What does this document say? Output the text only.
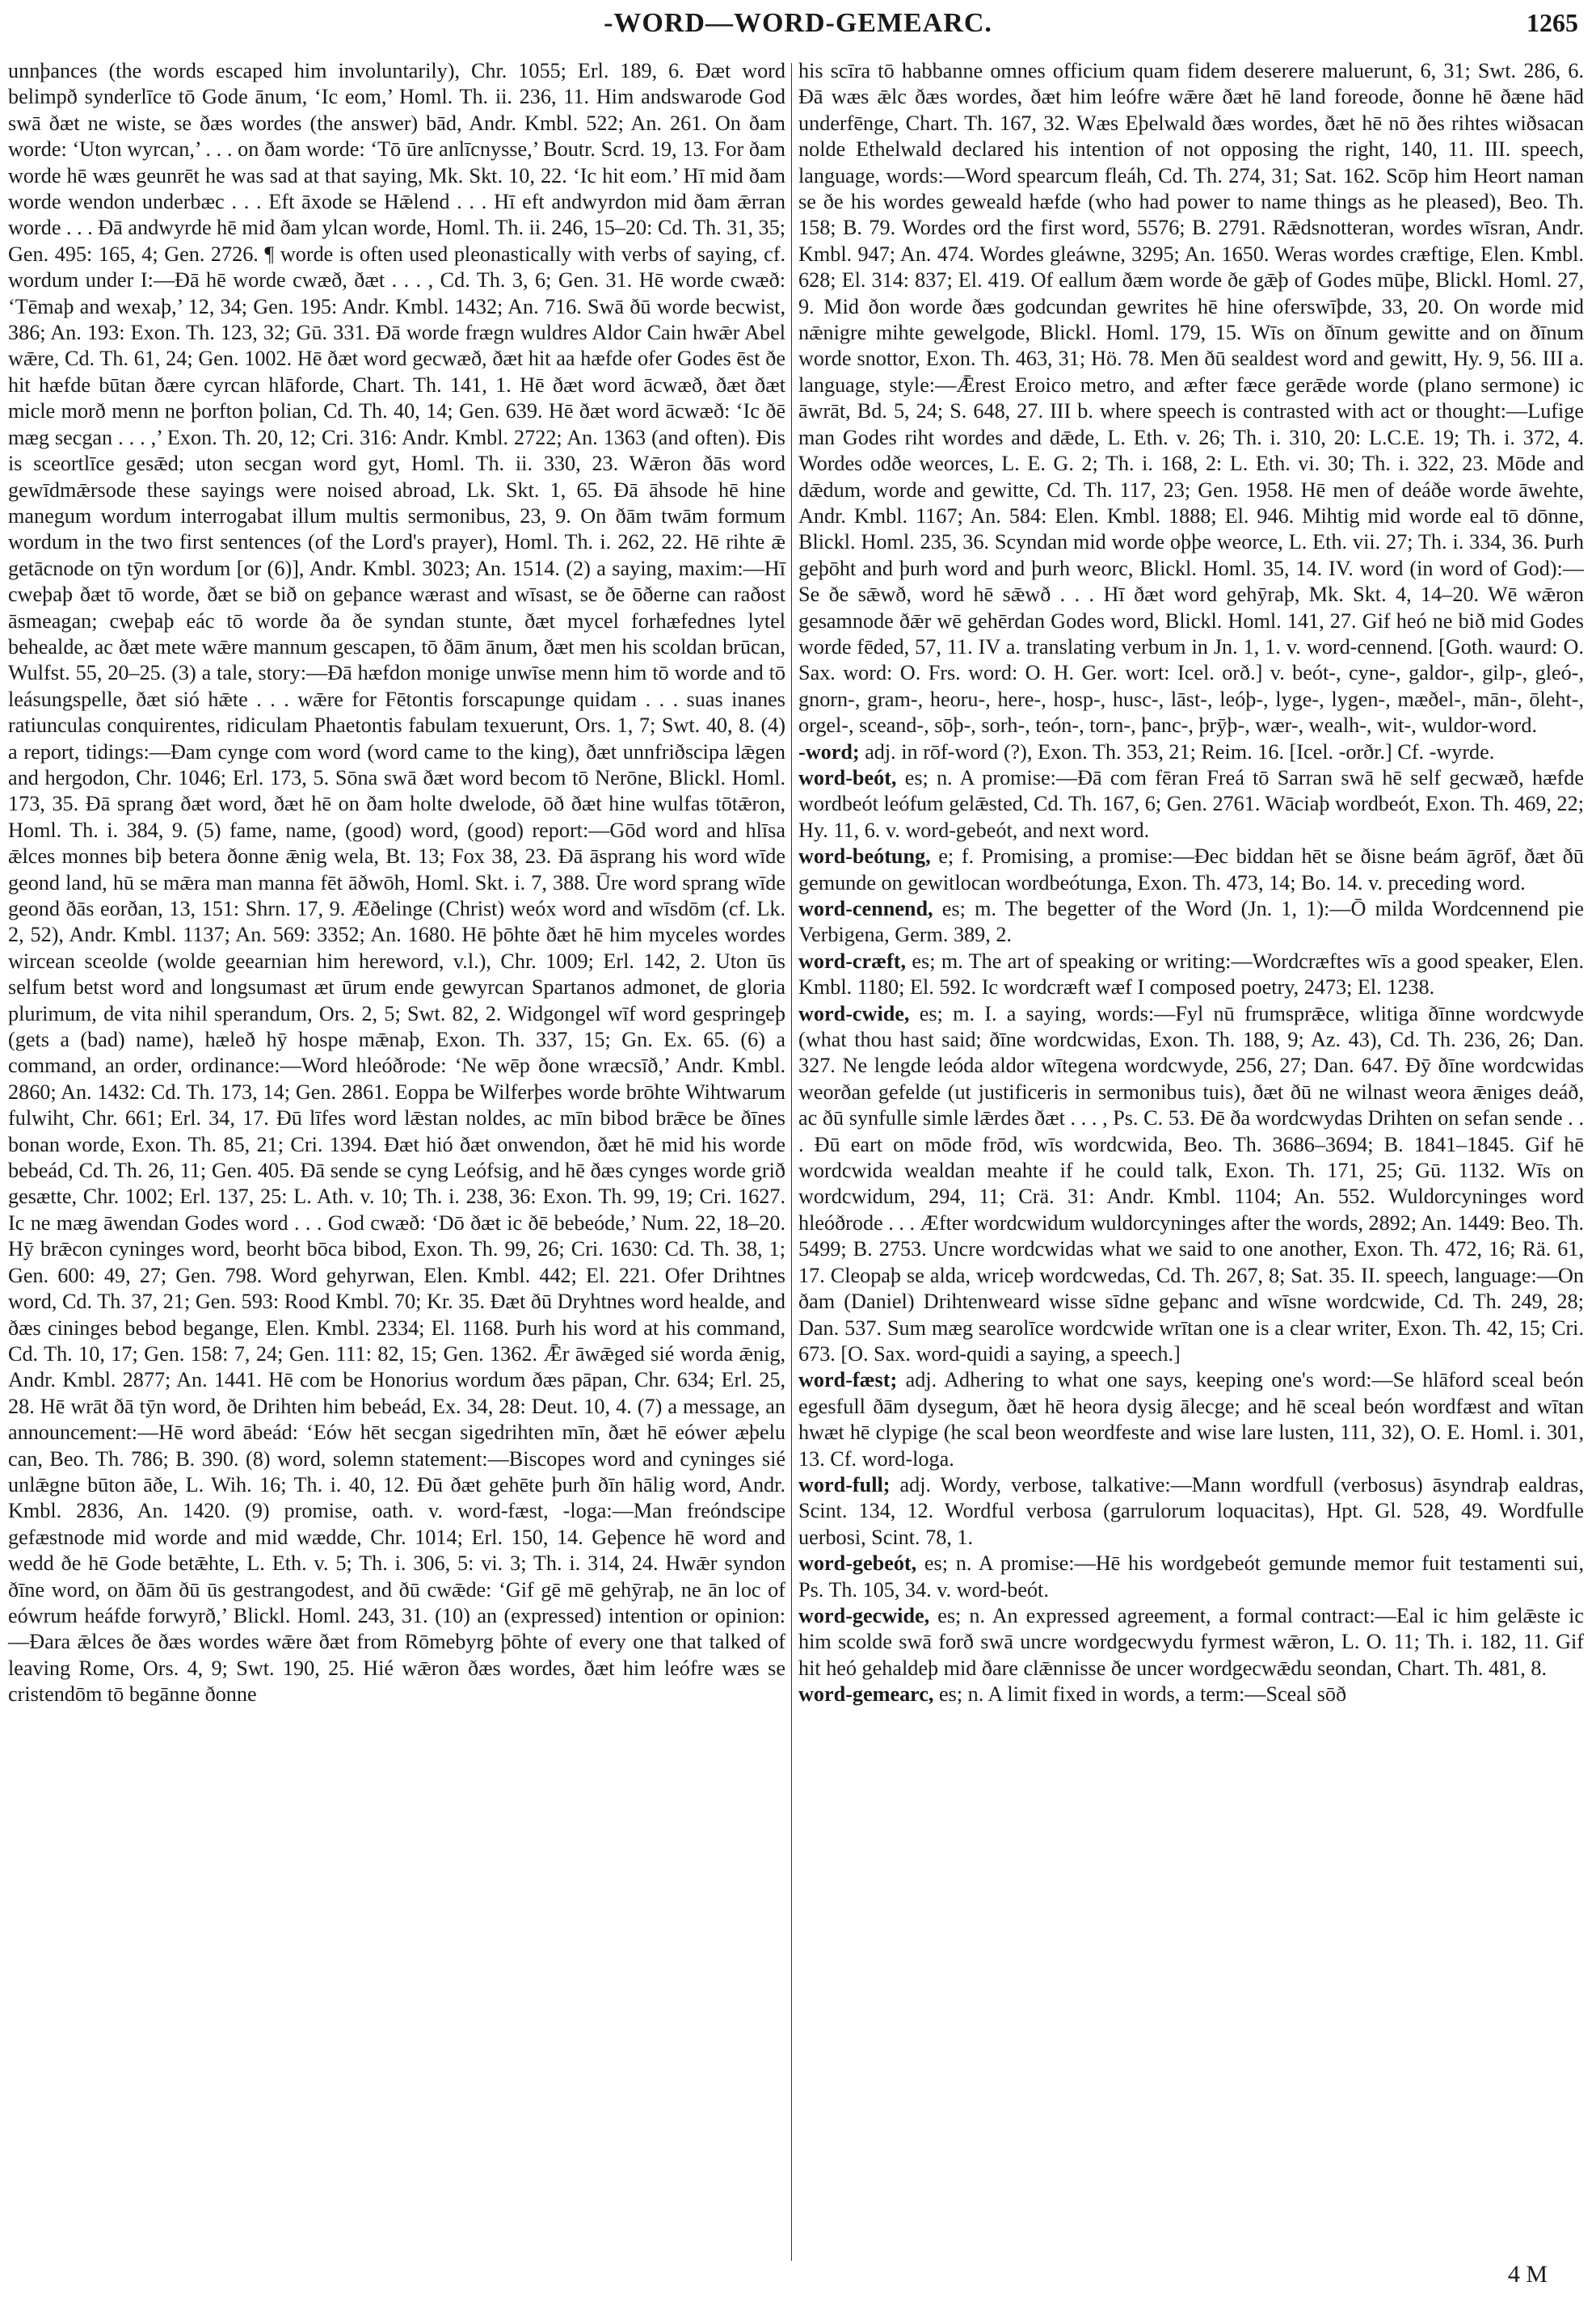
-WORD—WORD-GEMEARC.	1265

unnþances (the words escaped him involuntarily), Chr. 1055; Erl. 189, 6. Ðæt word belimpð synderlīce tō Gode ānum, ‘Ic eom,’ Homl. Th. ii. 236, 11. Him andswarode God swā ðæt ne wiste, se ðæs wordes (the answer) bād, Andr. Kmbl. 522; An. 261. On ðam worde: ‘Uton wyrcan,’ . . . on ðam worde: ‘Tō ūre anlīcnysse,’ Boutr. Scrd. 19, 13. For ðam worde hē wæs geunrēt he was sad at that saying, Mk. Skt. 10, 22. ‘Ic hit eom.’ Hī mid ðam worde wendon underbæc . . . Eft āxode se Hǣlend . . . Hī eft andwyrdon mid ðam ǣrran worde . . . Ðā andwyrde hē mid ðam ylcan worde, Homl. Th. ii. 246, 15–20: Cd. Th. 31, 35; Gen. 495: 165, 4; Gen. 2726. ¶ worde is often used pleonastically with verbs of saying, cf. wordum under I:—Ðā hē worde cwæð, ðæt . . . , Cd. Th. 3, 6; Gen. 31. Hē worde cwæð: ‘Tēmaþ and wexaþ,’ 12, 34; Gen. 195: Andr. Kmbl. 1432; An. 716. Swā ðū worde becwist, 386; An. 193: Exon. Th. 123, 32; Gū. 331. Ðā worde frægn wuldres Aldor Cain hwǣr Abel wǣre, Cd. Th. 61, 24; Gen. 1002. Hē ðæt word gecwæð, ðæt hit aa hæfde ofer Godes ēst ðe hit hæfde būtan ðære cyrcan hlāforde, Chart. Th. 141, 1. Hē ðæt word ācwæð, ðæt ðæt micle morð menn ne þorfton þolian, Cd. Th. 40, 14; Gen. 639. Hē ðæt word ācwæð: ‘Ic ðē mæg secgan . . . ,’ Exon. Th. 20, 12; Cri. 316: Andr. Kmbl. 2722; An. 1363 (and often). Ðis is sceortlīce gesǣd; uton secgan word gyt, Homl. Th. ii. 330, 23. Wǣron ðās word gewīdmǣrsode these sayings were noised abroad, Lk. Skt. 1, 65. Ðā āhsode hē hine manegum wordum interrogabat illum multis sermonibus, 23, 9. On ðām twām formum wordum in the two first sentences (of the Lord's prayer), Homl. Th. i. 262, 22. Hē rihte ǣ getācnode on tȳn wordum [or (6)], Andr. Kmbl. 3023; An. 1514. (2) a saying, maxim:—Hī cweþaþ ðæt tō worde, ðæt se bið on geþance wærast and wīsast, se ðe ōðerne can raðost āsmeagan; cweþaþ eác tō worde ða ðe syndan stunte, ðæt mycel forhæfednes lytel behealde, ac ðæt mete wǣre mannum gescapen, tō ðām ānum, ðæt men his scoldan brūcan, Wulfst. 55, 20–25. (3) a tale, story:—Ðā hæfdon monige unwīse menn him tō worde and tō leásungspelle, ðæt sió hǣte . . . wǣre for Fētontis forscapunge quidam . . . suas inanes ratiunculas conquirentes, ridiculam Phaetontis fabulam texuerunt, Ors. 1, 7; Swt. 40, 8. (4) a report, tidings:—Ðam cynge com word (word came to the king), ðæt unnfriðscipa lǣgen and hergodon, Chr. 1046; Erl. 173, 5. Sōna swā ðæt word becom tō Nerōne, Blickl. Homl. 173, 35. Ðā sprang ðæt word, ðæt hē on ðam holte dwelode, ōð ðæt hine wulfas tōtǣron, Homl. Th. i. 384, 9. (5) fame, name, (good) word, (good) report:—Gōd word and hlīsa ǣlces monnes biþ betera ðonne ǣnig wela, Bt. 13; Fox 38, 23. Ðā āsprang his word wīde geond land, hū se mǣra man manna fēt āðwōh, Homl. Skt. i. 7, 388. Ūre word sprang wīde geond ðās eorðan, 13, 151: Shrn. 17, 9. Æðelinge (Christ) weóx word and wīsdōm (cf. Lk. 2, 52), Andr. Kmbl. 1137; An. 569: 3352; An. 1680. Hē þōhte ðæt hē him myceles wordes wircean sceolde (wolde geearnian him hereword, v.l.), Chr. 1009; Erl. 142, 2. Uton ūs selfum betst word and longsumast æt ūrum ende gewyrcan Spartanos admonet, de gloria plurimum, de vita nihil sperandum, Ors. 2, 5; Swt. 82, 2. Widgongel wīf word gespringeþ (gets a (bad) name), hæleð hȳ hospe mǣnaþ, Exon. Th. 337, 15; Gn. Ex. 65. (6) a command, an order, ordinance:—Word hleóðrode: ‘Ne wēp ðone wræcsīð,’ Andr. Kmbl. 2860; An. 1432: Cd. Th. 173, 14; Gen. 2861. Eoppa be Wilferþes worde brōhte Wihtwarum fulwiht, Chr. 661; Erl. 34, 17. Ðū līfes word lǣstan noldes, ac mīn bibod brǣce be ðīnes bonan worde, Exon. Th. 85, 21; Cri. 1394. Ðæt hió ðæt onwendon, ðæt hē mid his worde bebeád, Cd. Th. 26, 11; Gen. 405. Ðā sende se cyng Leófsig, and hē ðæs cynges worde grið gesætte, Chr. 1002; Erl. 137, 25: L. Ath. v. 10; Th. i. 238, 36: Exon. Th. 99, 19; Cri. 1627. Ic ne mæg āwendan Godes word . . . God cwæð: ‘Dō ðæt ic ðē bebeóde,’ Num. 22, 18–20. Hȳ brǣcon cyninges word, beorht bōca bibod, Exon. Th. 99, 26; Cri. 1630: Cd. Th. 38, 1; Gen. 600: 49, 27; Gen. 798. Word gehyrwan, Elen. Kmbl. 442; El. 221. Ofer Drihtnes word, Cd. Th. 37, 21; Gen. 593: Rood Kmbl. 70; Kr. 35. Ðæt ðū Dryhtnes word healde, and ðæs cininges bebod begange, Elen. Kmbl. 2334; El. 1168. Þurh his word at his command, Cd. Th. 10, 17; Gen. 158: 7, 24; Gen. 111: 82, 15; Gen. 1362. Ǣr āwǣged sié worda ǣnig, Andr. Kmbl. 2877; An. 1441. Hē com be Honorius wordum ðæs pāpan, Chr. 634; Erl. 25, 28. Hē wrāt ðā tȳn word, ðe Drihten him bebeád, Ex. 34, 28: Deut. 10, 4. (7) a message, an announcement:—Hē word ābeád: ‘Eów hēt secgan sigedrihten mīn, ðæt hē eówer æþelu can, Beo. Th. 786; B. 390. (8) word, solemn statement:—Biscopes word and cyninges sié unlǣgne būton āðe, L. Wih. 16; Th. i. 40, 12. Ðū ðæt gehēte þurh ðīn hālig word, Andr. Kmbl. 2836, An. 1420. (9) promise, oath. v. word-fæst, -loga:—Man freóndscipe gefæstnode mid worde and mid wædde, Chr. 1014; Erl. 150, 14. Geþence hē word and wedd ðe hē Gode betǣhte, L. Eth. v. 5; Th. i. 306, 5: vi. 3; Th. i. 314, 24. Hwǣr syndon ðīne word, on ðām ðū ūs gestrangodest, and ðū cwǣde: ‘Gif gē mē gehȳraþ, ne ān loc of eówrum heáfde forwyrð,’ Blickl. Homl. 243, 31. (10) an (expressed) intention or opinion:—Ðara ǣlces ðe ðæs wordes wǣre ðæt from Rōmebyrg þōhte of every one that talked of leaving Rome, Ors. 4, 9; Swt. 190, 25. Hié wǣron ðæs wordes, ðæt him leófre wæs se cristendōm tō begānne ðonne

his scīra tō habbanne omnes officium quam fidem deserere maluerunt, 6, 31; Swt. 286, 6. Ðā wæs ǣlc ðæs wordes, ðæt him leófre wǣre ðæt hē land foreode, ðonne hē ðæne hād underfēnge, Chart. Th. 167, 32. Wæs Eþelwald ðæs wordes, ðæt hē nō ðes rihtes wiðsacan nolde Ethelwald declared his intention of not opposing the right, 140, 11. III. speech, language, words:—Word spearcum fleáh, Cd. Th. 274, 31; Sat. 162. Scōp him Heort naman se ðe his wordes geweald hæfde (who had power to name things as he pleased), Beo. Th. 158; B. 79. Wordes ord the first word, 5576; B. 2791. Rǣdsnotteran, wordes wīsran, Andr. Kmbl. 947; An. 474. Wordes gleáwne, 3295; An. 1650. Weras wordes cræftige, Elen. Kmbl. 628; El. 314: 837; El. 419. Of eallum ðæm worde ðe gǣþ of Godes mūþe, Blickl. Homl. 27, 9. Mid ðon worde ðæs godcundan gewrites hē hine oferswīþde, 33, 20. On worde mid nǣnigre mihte gewelgode, Blickl. Homl. 179, 15. Wīs on ðīnum gewitte and on ðīnum worde snottor, Exon. Th. 463, 31; Hö. 78. Men ðū sealdest word and gewitt, Hy. 9, 56. III a. language, style:—Ǣrest Eroico metro, and æfter fæce gerǣde worde (plano sermone) ic āwrāt, Bd. 5, 24; S. 648, 27. III b. where speech is contrasted with act or thought:—Lufige man Godes riht wordes and dǣde, L. Eth. v. 26; Th. i. 310, 20: L.C.E. 19; Th. i. 372, 4. Wordes odðe weorces, L. E. G. 2; Th. i. 168, 2: L. Eth. vi. 30; Th. i. 322, 23. Mōde and dǣdum, worde and gewitte, Cd. Th. 117, 23; Gen. 1958. Hē men of deáðe worde āwehte, Andr. Kmbl. 1167; An. 584: Elen. Kmbl. 1888; El. 946. Mihtig mid worde eal tō dōnne, Blickl. Homl. 235, 36. Scyndan mid worde oþþe weorce, L. Eth. vii. 27; Th. i. 334, 36. Þurh geþōht and þurh word and þurh weorc, Blickl. Homl. 35, 14. IV. word (in word of God):—Se ðe sǣwð, word hē sǣwð . . . Hī ðæt word gehȳraþ, Mk. Skt. 4, 14–20. Wē wǣron gesamnode ðǣr wē gehērdan Godes word, Blickl. Homl. 141, 27. Gif heó ne bið mid Godes worde fēded, 57, 11. IV a. translating verbum in Jn. 1, 1. v. word-cennend. [Goth. waurd: O. Sax. word: O. Frs. word: O. H. Ger. wort: Icel. orð.] v. beót-, cyne-, galdor-, gilp-, gleó-, gnorn-, gram-, heoru-, here-, hosp-, husc-, lāst-, leóþ-, lyge-, lygen-, mæðel-, mān-, ōleht-, orgel-, sceand-, sōþ-, sorh-, teón-, torn-, þanc-, þrȳþ-, wær-, wealh-, wit-, wuldor-word.

-word; adj. in rōf-word (?), Exon. Th. 353, 21; Reim. 16. [Icel. -orðr.] Cf. -wyrde.

word-beót, es; n. A promise:—Ðā com fēran Freá tō Sarran swā hē self gecwæð, hæfde wordbeót leófum gelǣsted, Cd. Th. 167, 6; Gen. 2761. Wāciaþ wordbeót, Exon. Th. 469, 22; Hy. 11, 6. v. word-gebeót, and next word.

word-beótung, e; f. Promising, a promise:—Ðec biddan hēt se ðisne beám āgrōf, ðæt ðū gemunde on gewitlocan wordbeótunga, Exon. Th. 473, 14; Bo. 14. v. preceding word.

word-cennend, es; m. The begetter of the Word (Jn. 1, 1):—Ō milda Wordcennend pie Verbigena, Germ. 389, 2.

word-cræft, es; m. The art of speaking or writing:—Wordcræftes wīs a good speaker, Elen. Kmbl. 1180; El. 592. Ic wordcræft wæf I composed poetry, 2473; El. 1238.

word-cwide, es; m. I. a saying, words:—Fyl nū frumsprǣce, wlitiga ðīnne wordcwyde (what thou hast said; ðīne wordcwidas, Exon. Th. 188, 9; Az. 43), Cd. Th. 236, 26; Dan. 327. Ne lengde leóda aldor wītegena wordcwyde, 256, 27; Dan. 647. Ðȳ ðīne wordcwidas weorðan gefelde (ut justificeris in sermonibus tuis), ðæt ðū ne wilnast weora ǣniges deáð, ac ðū synfulle simle lǣrdes ðæt . . . , Ps. C. 53. Ðē ða wordcwydas Drihten on sefan sende . . . Ðū eart on mōde frōd, wīs wordcwida, Beo. Th. 3686–3694; B. 1841–1845. Gif hē wordcwida wealdan meahte if he could talk, Exon. Th. 171, 25; Gū. 1132. Wīs on wordcwidum, 294, 11; Crä. 31: Andr. Kmbl. 1104; An. 552. Wuldorcyninges word hleóðrode . . . Æfter wordcwidum wuldorcyninges after the words, 2892; An. 1449: Beo. Th. 5499; B. 2753. Uncre wordcwidas what we said to one another, Exon. Th. 472, 16; Rä. 61, 17. Cleopaþ se alda, wriceþ wordcwedas, Cd. Th. 267, 8; Sat. 35. II. speech, language:—On ðam (Daniel) Drihtenweard wisse sīdne geþanc and wīsne wordcwide, Cd. Th. 249, 28; Dan. 537. Sum mæg searolīce wordcwide wrītan one is a clear writer, Exon. Th. 42, 15; Cri. 673. [O. Sax. word-quidi a saying, a speech.]

word-fæst; adj. Adhering to what one says, keeping one's word:—Se hlāford sceal beón egesfull ðām dysegum, ðæt hē heora dysig ālecge; and hē sceal beón wordfæst and wītan hwæt hē clypige (he scal beon weordfeste and wise lare lusten, 111, 32), O. E. Homl. i. 301, 13. Cf. word-loga.

word-full; adj. Wordy, verbose, talkative:—Mann wordfull (verbosus) āsyndraþ ealdras, Scint. 134, 12. Wordful verbosa (garrulorum loquacitas), Hpt. Gl. 528, 49. Wordfulle uerbosi, Scint. 78, 1.

word-gebeót, es; n. A promise:—Hē his wordgebeót gemunde memor fuit testamenti sui, Ps. Th. 105, 34. v. word-beót.

word-gecwide, es; n. An expressed agreement, a formal contract:—Eal ic him gelǣste ic him scolde swā forð swā uncre wordgecwydu fyrmest wǣron, L. O. 11; Th. i. 182, 11. Gif hit heó gehaldeþ mid ðare clǣnnisse ðe uncer wordgecwǣdu seondan, Chart. Th. 481, 8.

word-gemearc, es; n. A limit fixed in words, a term:—Sceal sōð

4 M
